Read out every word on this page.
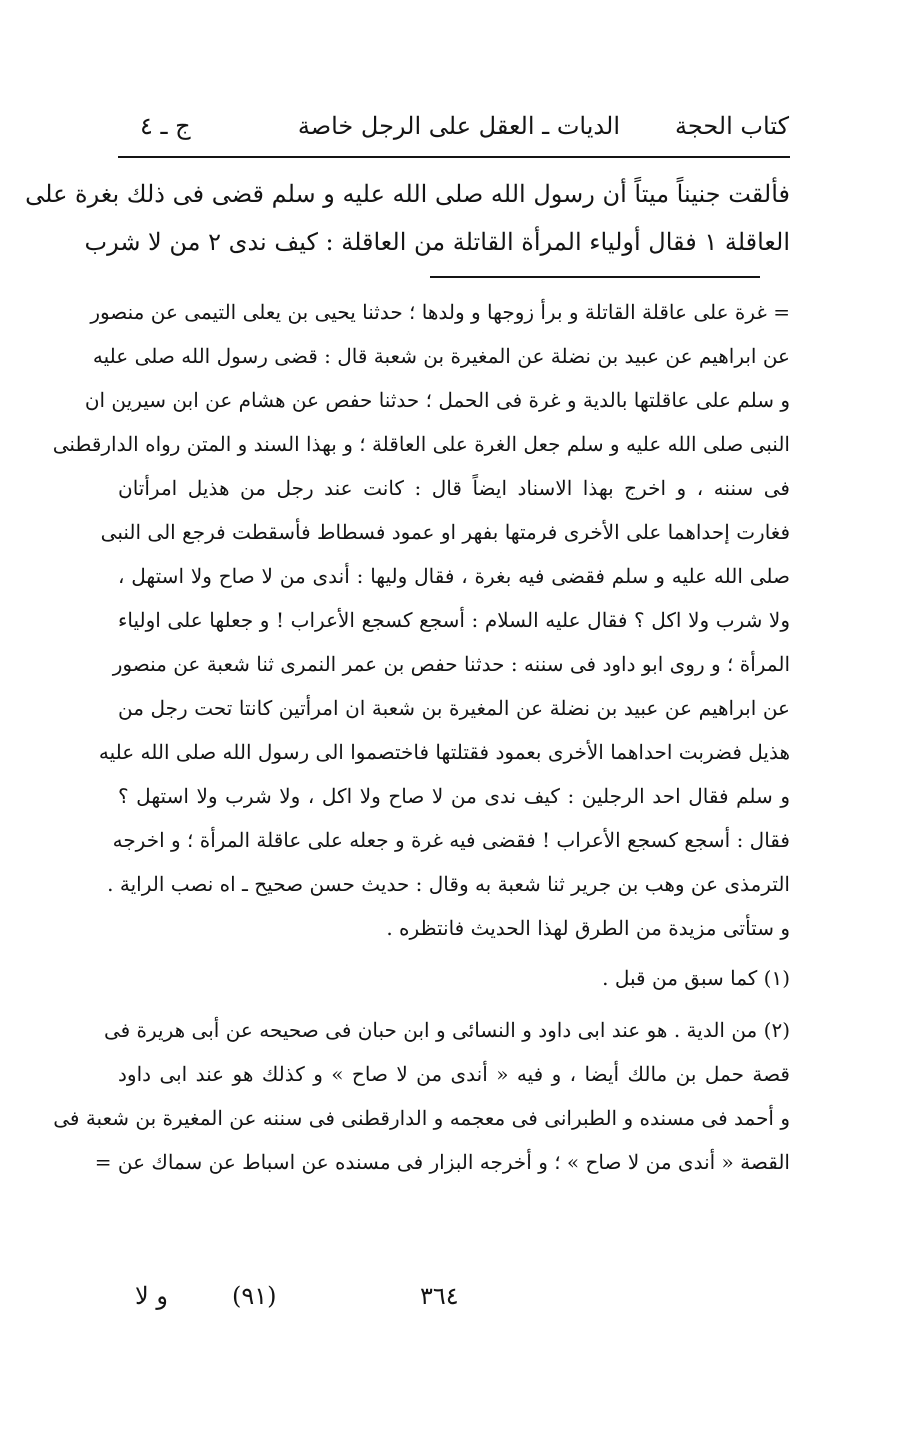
كتاب الحجة
الديات ـ العقل على الرجل خاصة
ج ـ ٤
فألقت جنيناً ميتاً أن رسول الله صلى الله عليه و سلم قضى فى ذلك بغرة على
العاقلة ١ فقال أولياء المرأة القاتلة من العاقلة : كيف ندى ٢ من لا شرب
= غرة على عاقلة القاتلة و برأ زوجها و ولدها ؛ حدثنا يحيى بن يعلى التيمى عن منصور
عن ابراهيم عن عبيد بن نضلة عن المغيرة بن شعبة قال : قضى رسول الله صلى عليه
و سلم على عاقلتها بالدية و غرة فى الحمل ؛ حدثنا حفص عن هشام عن ابن سيرين ان
النبى صلى الله عليه و سلم جعل الغرة على العاقلة ؛ و بهذا السند و المتن رواه الدارقطنى
فى سننه ، و اخرج بهذا الاسناد ايضاً قال : كانت عند رجل من هذيل امرأتان
فغارت إحداهما على الأخرى فرمتها بفهر او عمود فسطاط فأسقطت فرجع الى النبى
صلى الله عليه و سلم فقضى فيه بغرة ، فقال وليها : أندى من لا صاح ولا استهل ،
ولا شرب ولا اكل ؟ فقال عليه السلام : أسجع كسجع الأعراب ! و جعلها على اولياء
المرأة ؛ و روى ابو داود فى سننه : حدثنا حفص بن عمر النمرى ثنا شعبة عن منصور
عن ابراهيم عن عبيد بن نضلة عن المغيرة بن شعبة ان امرأتين كانتا تحت رجل من
هذيل فضربت احداهما الأخرى بعمود فقتلتها فاختصموا الى رسول الله صلى الله عليه
و سلم فقال احد الرجلين : كيف ندى من لا صاح ولا اكل ، ولا شرب ولا استهل ؟
فقال : أسجع كسجع الأعراب ! فقضى فيه غرة و جعله على عاقلة المرأة ؛ و اخرجه
الترمذى عن وهب بن جرير ثنا شعبة به وقال : حديث حسن صحيح ـ اه نصب الراية .
و ستأتى مزيدة من الطرق لهذا الحديث فانتظره .
(١) كما سبق من قبل .
(٢) من الدية . هو عند ابى داود و النسائى و ابن حبان فى صحيحه عن أبى هريرة فى
قصة حمل بن مالك أيضا ، و فيه « أندى من لا صاح » و كذلك هو عند ابى داود
و أحمد فى مسنده و الطبرانى فى معجمه و الدارقطنى فى سننه عن المغيرة بن شعبة فى
القصة « أندى من لا صاح » ؛ و أخرجه البزار فى مسنده عن اسباط عن سماك عن =
٣٦٤
(٩١)
و لا
